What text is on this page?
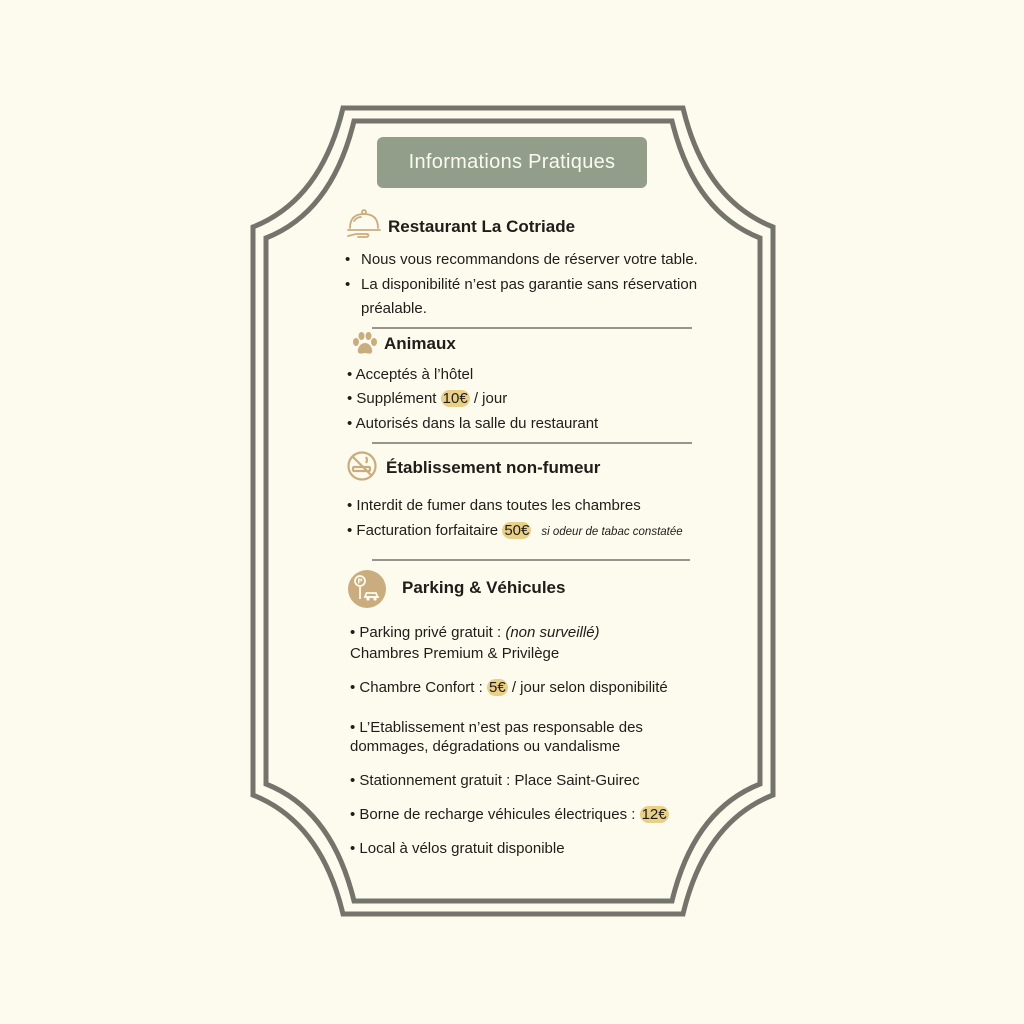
Informations Pratiques
Restaurant La Cotriade
• Nous vous recommandons de réserver votre table.
• La disponibilité n’est pas garantie sans réservation
préalable.
Animaux
• Acceptés à l’hôtel
• Supplément 10€ / jour
• Autorisés dans la salle du restaurant
Établissement non-fumeur
• Interdit de fumer dans toutes les chambres
• Facturation forfaitaire 50€ si odeur de tabac constatée
P Parking & Véhicules
• Parking privé gratuit : (non surveillé)
Chambres Premium & Privilège
• Chambre Confort : 5€ / jour selon disponibilité
• L’Etablissement n’est pas responsable des
dommages, dégradations ou vandalisme
• Stationnement gratuit : Place Saint-Guirec
• Borne de recharge véhicules électriques : 12€
• Local à vélos gratuit disponible
